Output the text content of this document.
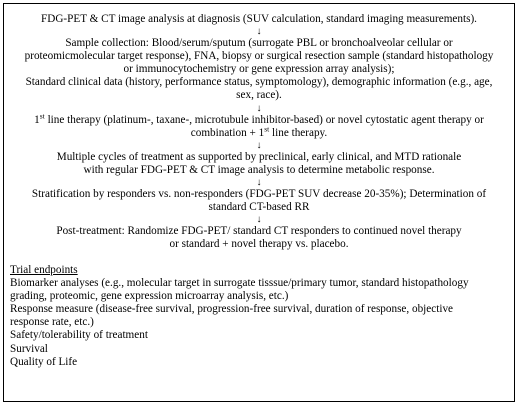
FDG-PET & CT image analysis at diagnosis (SUV calculation, standard imaging measurements).
↓
Sample collection: Blood/serum/sputum (surrogate PBL or bronchoalveolar cellular or
proteomicmolecular target response), FNA, biopsy or surgical resection sample (standard histopathology
or immunocytochemistry or gene expression array analysis);
Standard clinical data (history, performance status, symptomology), demographic information (e.g., age,
sex, race).
↓
1st line therapy (platinum-, taxane-, microtubule inhibitor-based) or novel cytostatic agent therapy or
combination + 1st line therapy.
↓
Multiple cycles of treatment as supported by preclinical, early clinical, and MTD rationale
with regular FDG-PET & CT image analysis to determine metabolic response.
↓
Stratification by responders vs. non-responders (FDG-PET SUV decrease 20-35%); Determination of
standard CT-based RR
↓
Post-treatment: Randomize FDG-PET/ standard CT responders to continued novel therapy
or standard + novel therapy vs. placebo.
Trial endpoints
Biomarker analyses (e.g., molecular target in surrogate tisssue/primary tumor, standard histopathology
grading, proteomic, gene expression microarray analysis, etc.)
Response measure (disease-free survival, progression-free survival, duration of response, objective
response rate, etc.)
Safety/tolerability of treatment
Survival
Quality of Life
